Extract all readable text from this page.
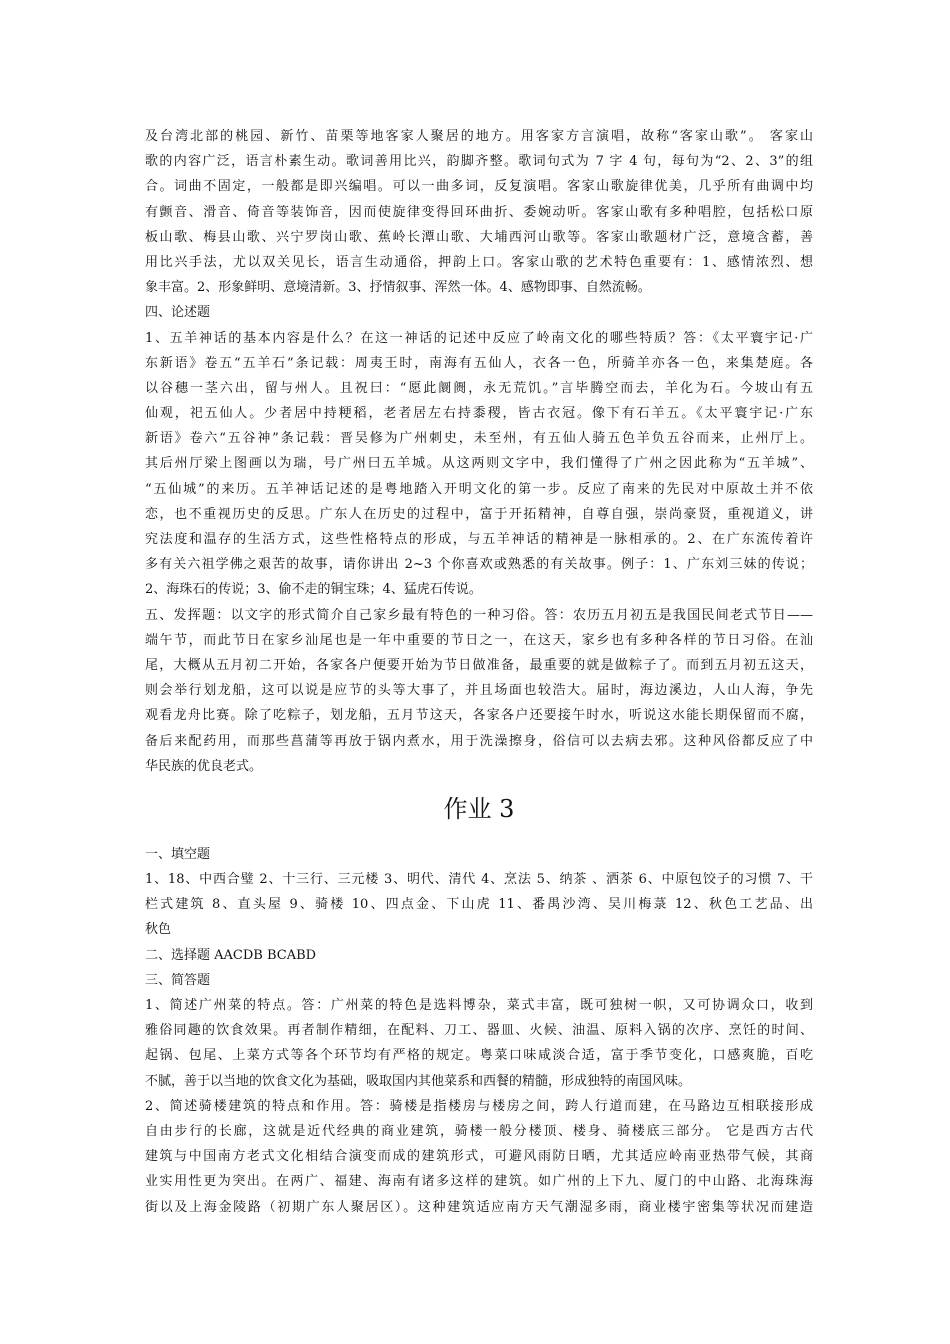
及台湾北部的桃园、新竹、苗栗等地客家人聚居的地方。用客家方言演唱，故称“客家山歌”。 客家山
歌的内容广泛，语言朴素生动。歌词善用比兴，韵脚齐整。歌词句式为 7 字 4 句，每句为“2、2、3”的组
合。词曲不固定，一般都是即兴编唱。可以一曲多词，反复演唱。客家山歌旋律优美，几乎所有曲调中均
有颤音、滑音、倚音等装饰音，因而使旋律变得回环曲折、委婉动听。客家山歌有多种唱腔，包括松口原
板山歌、梅县山歌、兴宁罗岗山歌、蕉岭长潭山歌、大埔西河山歌等。客家山歌题材广泛，意境含蓄，善
用比兴手法，尤以双关见长，语言生动通俗，押韵上口。客家山歌的艺术特色重要有：1、感情浓烈、想
象丰富。2、形象鲜明、意境清新。3、抒情叙事、浑然一体。4、感物即事、自然流畅。
四、论述题
1、五羊神话的基本内容是什么？在这一神话的记述中反应了岭南文化的哪些特质？答：《太平寰宇记·广
东新语》卷五“五羊石”条记载：周夷王时，南海有五仙人，衣各一色，所骑羊亦各一色，来集楚庭。各
以谷穗一茎六出，留与州人。且祝曰：“愿此阛阓，永无荒饥。”言毕腾空而去，羊化为石。今坡山有五
仙观，祀五仙人。少者居中持粳稻，老者居左右持黍稷，皆古衣冠。像下有石羊五。《太平寰宇记·广东
新语》卷六“五谷神”条记载：晋吴修为广州刺史，未至州，有五仙人骑五色羊负五谷而来，止州厅上。
其后州厅梁上图画以为瑞，号广州曰五羊城。从这两则文字中，我们懂得了广州之因此称为“五羊城”、
“五仙城”的来历。五羊神话记述的是粤地踏入开明文化的第一步。反应了南来的先民对中原故土并不依
恋，也不重视历史的反思。广东人在历史的过程中，富于开拓精神，自尊自强，崇尚豪贤，重视道义，讲
究法度和温存的生活方式，这些性格特点的形成，与五羊神话的精神是一脉相承的。2、在广东流传着许
多有关六祖学佛之艰苦的故事，请你讲出 2~3 个你喜欢或熟悉的有关故事。例子：1、广东刘三妹的传说；
2、海珠石的传说；3、偷不走的铜宝珠；4、猛虎石传说。
五、发挥题：以文字的形式简介自己家乡最有特色的一种习俗。答：农历五月初五是我国民间老式节日——
端午节，而此节日在家乡汕尾也是一年中重要的节日之一，在这天，家乡也有多种各样的节日习俗。在汕
尾，大概从五月初二开始，各家各户便要开始为节日做准备，最重要的就是做粽子了。而到五月初五这天，
则会举行划龙船，这可以说是应节的头等大事了，并且场面也较浩大。届时，海边溪边，人山人海，争先
观看龙舟比赛。除了吃粽子，划龙船，五月节这天，各家各户还要接午时水，听说这水能长期保留而不腐，
备后来配药用，而那些菖蒲等再放于锅内煮水，用于洗澡擦身，俗信可以去病去邪。这种风俗都反应了中
华民族的优良老式。
作业 3
一、填空题
1、18、中西合璧 2、十三行、三元楼 3、明代、清代 4、烹法 5、纳茶 、洒茶 6、中原包饺子的习惯 7、干
栏式建筑 8、直头屋 9、骑楼 10、四点金、下山虎 11、番禺沙湾、吴川梅菉 12、秋色工艺品、出
秋色
二、选择题 AACDB BCABD
三、简答题
1、简述广州菜的特点。答：广州菜的特色是选料博杂，菜式丰富，既可独树一帜，又可协调众口，收到
雅俗同趣的饮食效果。再者制作精细，在配料、刀工、器皿、火候、油温、原料入锅的次序、烹饪的时间、
起锅、包尾、上菜方式等各个环节均有严格的规定。粤菜口味咸淡合适，富于季节变化，口感爽脆，百吃
不腻，善于以当地的饮食文化为基础，吸取国内其他菜系和西餐的精髓，形成独特的南国风味。
2、简述骑楼建筑的特点和作用。答：骑楼是指楼房与楼房之间，跨人行道而建，在马路边互相联接形成
自由步行的长廊，这就是近代经典的商业建筑，骑楼一般分楼顶、楼身、骑楼底三部分。 它是西方古代
建筑与中国南方老式文化相结合演变而成的建筑形式，可避风雨防日晒，尤其适应岭南亚热带气候，其商
业实用性更为突出。在两广、福建、海南有诸多这样的建筑。如广州的上下九、厦门的中山路、北海珠海
街以及上海金陵路（初期广东人聚居区）。这种建筑适应南方天气潮湿多雨，商业楼宇密集等状况而建造
